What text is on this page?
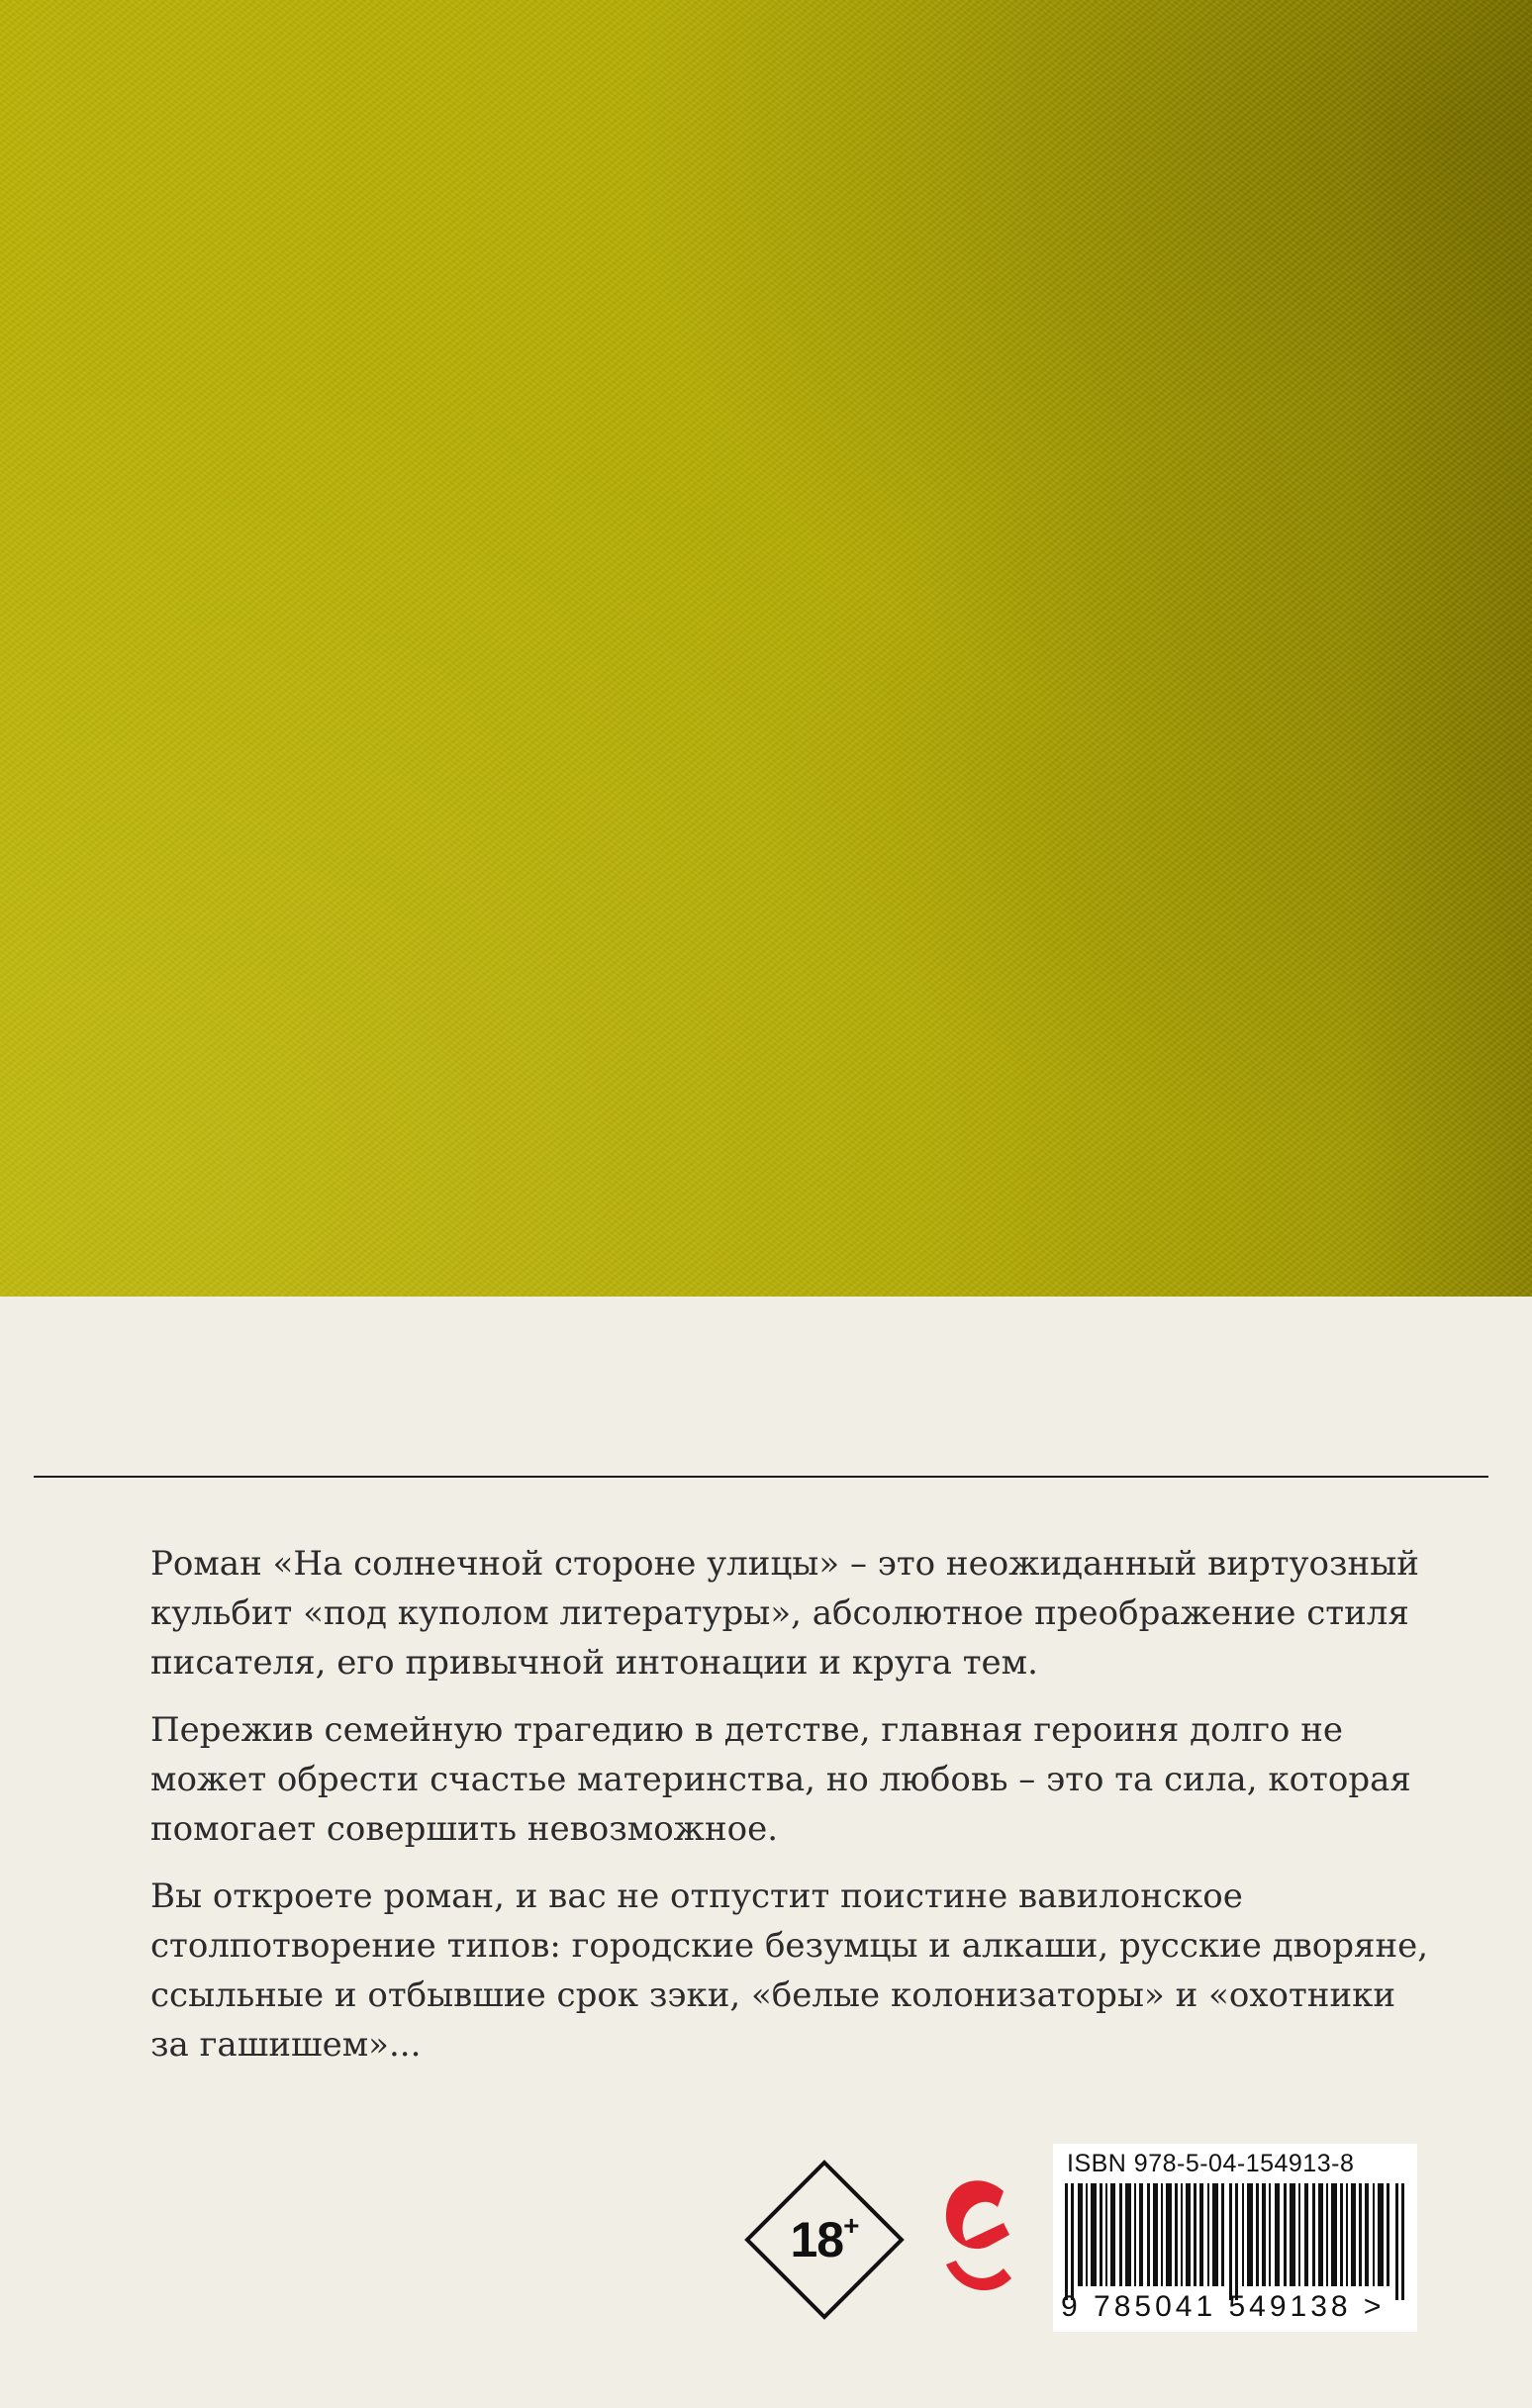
Роман «На солнечной стороне улицы» – это неожиданный виртуозный кульбит «под куполом литературы», абсолютное преображение стиля писателя, его привычной интонации и круга тем.

Пережив семейную трагедию в детстве, главная героиня долго не может обрести счастье материнства, но любовь – это та сила, которая помогает совершить невозможное.

Вы откроете роман, и вас не отпустит поистине вавилонское столпотворение типов: городские безумцы и алкаши, русские дворяне, ссыльные и отбывшие срок зэки, «белые колонизаторы» и «охотники за гашишем»...

18 +
ISBN 978-5-04-154913-8
9 785041 549138 >
